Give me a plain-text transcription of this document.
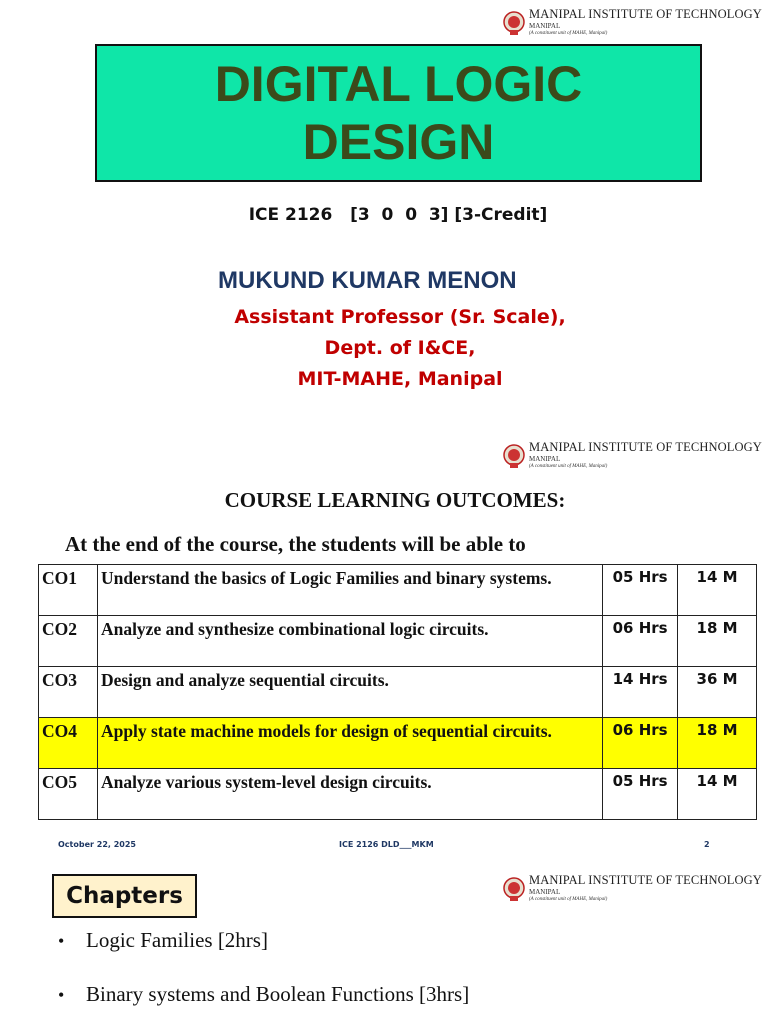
MANIPAL INSTITUTE OF TECHNOLOGY
MANIPAL
(A constituent unit of MAHE, Manipal)
DIGITAL LOGIC
DESIGN
ICE 2126   [3  0  0  3] [3-Credit]
MUKUND KUMAR MENON
Assistant Professor (Sr. Scale),
Dept. of I&CE,
MIT-MAHE, Manipal
MANIPAL INSTITUTE OF TECHNOLOGY
MANIPAL
(A constituent unit of MAHE, Manipal)
COURSE LEARNING OUTCOMES:
At the end of the course, the students will be able to
CO1	Understand the basics of Logic Families and binary systems.	05 Hrs	14 M
CO2	Analyze and synthesize combinational logic circuits.	06 Hrs	18 M
CO3	Design and analyze sequential circuits.	14 Hrs	36 M
CO4	Apply state machine models for design of sequential circuits.	06 Hrs	18 M
CO5	Analyze various system-level design circuits.	05 Hrs	14 M
October 22, 2025	ICE 2126 DLD___MKM	2
MANIPAL INSTITUTE OF TECHNOLOGY
MANIPAL
(A constituent unit of MAHE, Manipal)
Chapters
•	Logic Families [2hrs]
•	Binary systems and Boolean Functions [3hrs]
